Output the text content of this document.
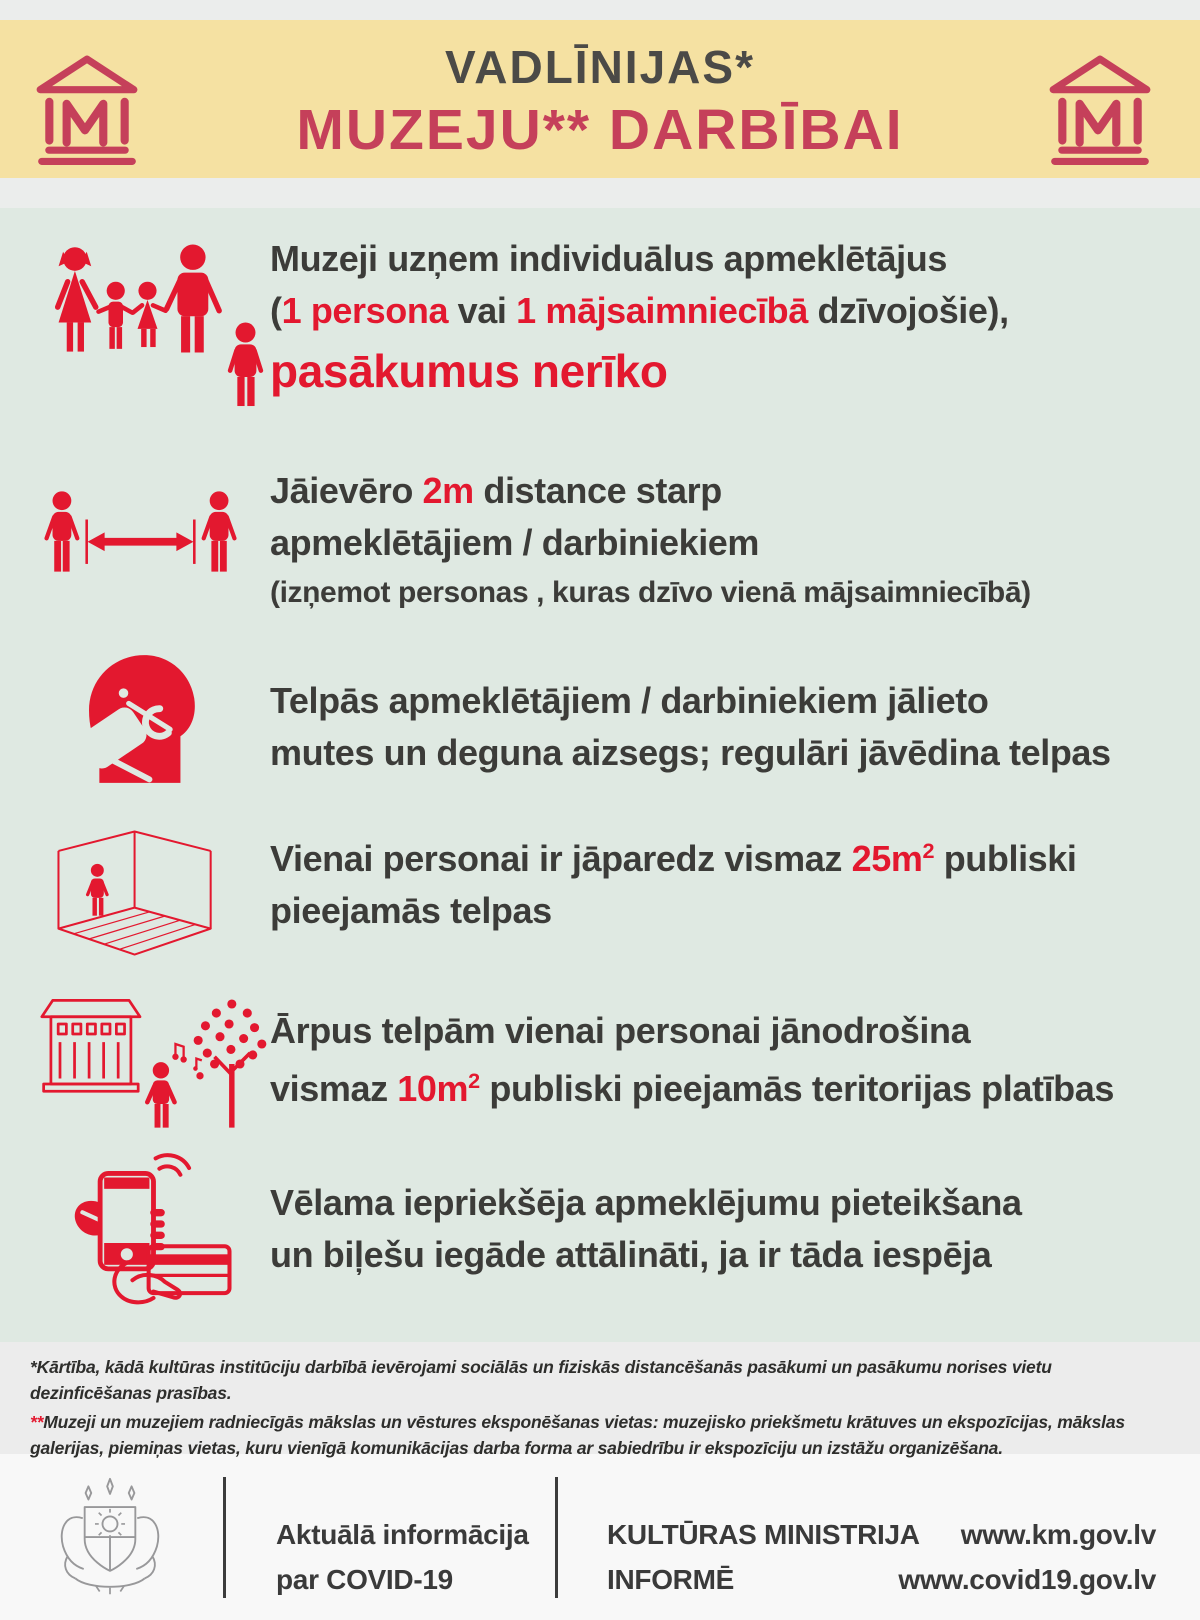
VADLĪNIJAS*
MUZEJU** DARBĪBAI

Muzeji uzņem individuālus apmeklētājus

(1 persona vai 1 mājsaimniecībā dzīvojošie),

pasākumus nerīko

Jāievēro 2m distance starp

apmeklētājiem / darbiniekiem

(izņemot personas , kuras dzīvo vienā mājsaimniecībā)

Telpās apmeklētājiem / darbiniekiem jālieto

mutes un deguna aizsegs; regulāri jāvēdina telpas

Vienai personai ir jāparedz vismaz $25m^2$ publiski

pieejamās telpas

Ārpus telpām vienai personai jānodrošina

vismaz $10m^2$ publiski pieejamās teritorijas platības

Vēlama iepriekšēja apmeklējumu pieteikšana

un biļešu iegāde attālināti, ja ir tāda iespēja

*Kārtība, kādā kultūras institūciju darbībā ievērojami sociālās un fiziskās distancēšanās pasākumi un pasākumu norises vietu dezinficēšanas prasības.

**Muzeji un muzejiem radniecīgās mākslas un vēstures eksponēšanas vietas: muzejisko priekšmetu krātuves un ekspozīcijas, mākslas galerijas, piemiņas vietas, kuru vienīgā komunikācijas darba forma ar sabiedrību ir ekspozīciju un izstāžu organizēšana.

Aktuālā informācija
par COVID-19
KULTŪRAS MINISTRIJA
INFORMĒ
www.km.gov.lv
www.covid19.gov.lv
